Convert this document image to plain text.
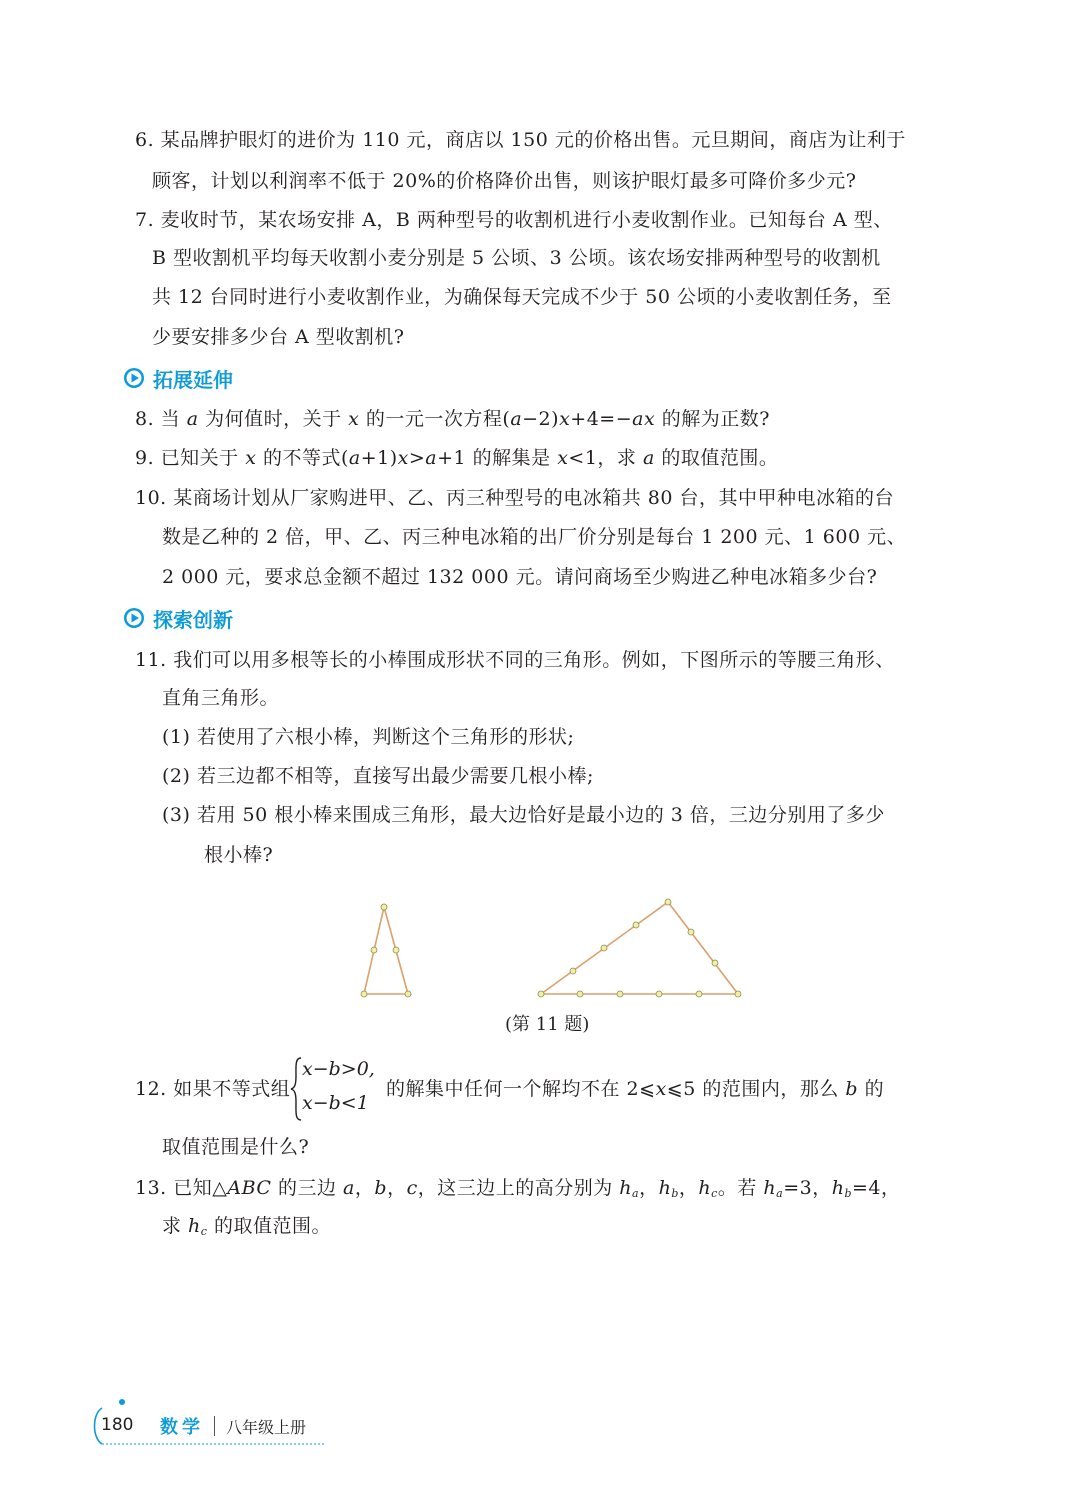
6. 某品牌护眼灯的进价为 110 元，商店以 150 元的价格出售。元旦期间，商店为让利于
顾客，计划以利润率不低于 20%的价格降价出售，则该护眼灯最多可降价多少元?
7. 麦收时节，某农场安排 A，B 两种型号的收割机进行小麦收割作业。已知每台 A 型、
B 型收割机平均每天收割小麦分别是 5 公顷、3 公顷。该农场安排两种型号的收割机
共 12 台同时进行小麦收割作业，为确保每天完成不少于 50 公顷的小麦收割任务，至
少要安排多少台 A 型收割机?
拓展延伸
8. 当 a 为何值时，关于 x 的一元一次方程(a−2)x+4=−ax 的解为正数?
9. 已知关于 x 的不等式(a+1)x>a+1 的解集是 x<1，求 a 的取值范围。
10. 某商场计划从厂家购进甲、乙、丙三种型号的电冰箱共 80 台，其中甲种电冰箱的台
数是乙种的 2 倍，甲、乙、丙三种电冰箱的出厂价分别是每台 1 200 元、1 600 元、
2 000 元，要求总金额不超过 132 000 元。请问商场至少购进乙种电冰箱多少台?
探索创新
11. 我们可以用多根等长的小棒围成形状不同的三角形。例如，下图所示的等腰三角形、
直角三角形。
(1) 若使用了六根小棒，判断这个三角形的形状;
(2) 若三边都不相等，直接写出最少需要几根小棒;
(3) 若用 50 根小棒来围成三角形，最大边恰好是最小边的 3 倍，三边分别用了多少
根小棒?
(第 11 题)
12. 如果不等式组
x−b>0,
x−b<1
的解集中任何一个解均不在 2⩽x⩽5 的范围内，那么 b 的
取值范围是什么?
13. 已知△ABC 的三边 a，b，c，这三边上的高分别为 $h_a$，$h_b$，$h_c$。若 $h_a=3$，$h_b=4$，
求 $h_c$ 的取值范围。
180 数学 八年级上册
